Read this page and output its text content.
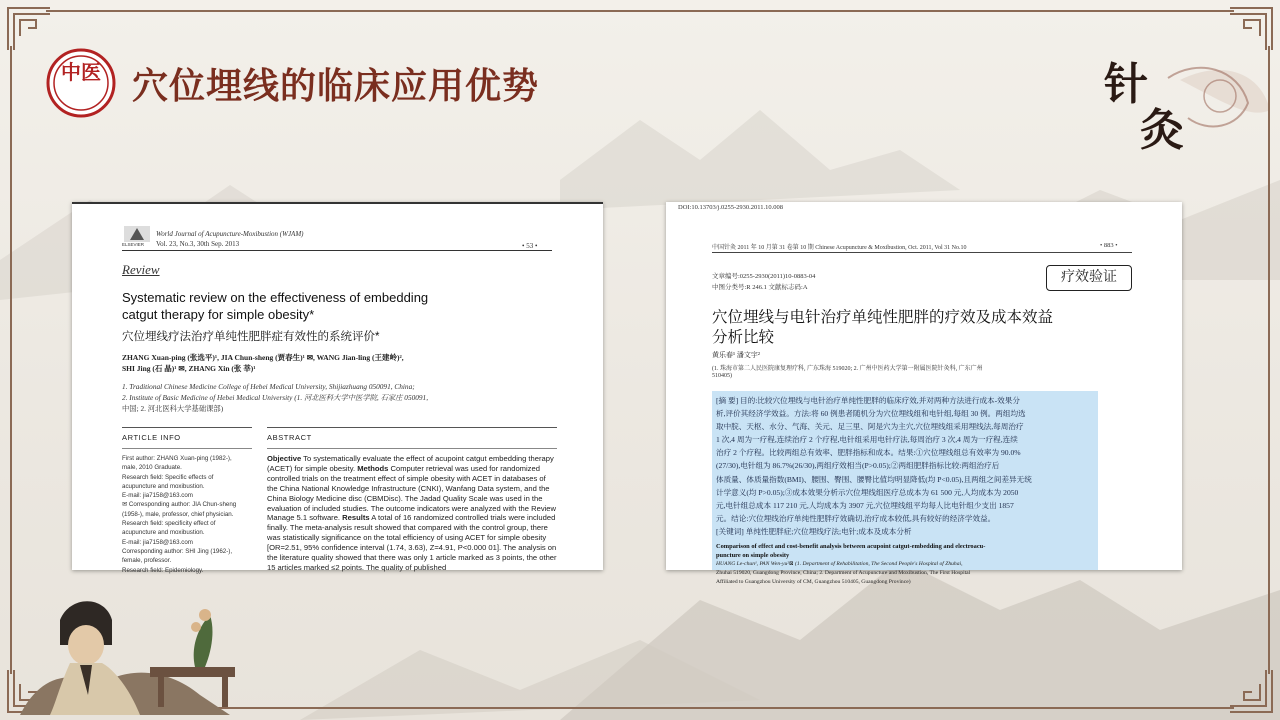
中医 穴位埋线的临床应用优势	针
灸
ELSEVIER
World Journal of Acupuncture-Moxibustion (WJAM)
Vol. 23, No.3, 30th Sep. 2013	• 53 •
Review
Systematic review on the effectiveness of embedding
catgut therapy for simple obesity*
穴位埋线疗法治疗单纯性肥胖症有效性的系统评价*
ZHANG Xuan-ping (张选平)¹, JIA Chun-sheng (贾春生)¹ ✉, WANG Jian-ling (王建岭)²,
SHI Jing (石 晶)¹ ✉, ZHANG Xin (张 莘)¹
1. Traditional Chinese Medicine College of Hebei Medical University, Shijiazhuang 050091, China;
2. Institute of Basic Medicine of Hebei Medical University (1. 河北医科大学中医学院, 石家庄 050091,
中国; 2. 河北医科大学基础课部)
ARTICLE INFO	ABSTRACT
First author: ZHANG Xuan-ping (1982-),
male, 2010 Graduate.
Research field: Specific effects of
acupuncture and moxibustion.
E-mail: jia7158@163.com
✉ Corresponding author: JIA Chun-sheng
(1958-), male, professor, chief physician.
Research field: specificity effect of
acupuncture and moxibustion.
E-mail: jia7158@163.com
Corresponding author: SHI Jing (1962-),
female, professor.
Research field: Epidemiology.
Objective To systematically evaluate the effect of acupoint catgut embedding therapy (ACET) for simple obesity. Methods Computer retrieval was used for randomized controlled trials on the treatment effect of simple obesity with ACET in databases of the China National Knowledge Infrastructure (CNKI), Wanfang Data system, and the China Biology Medicine disc (CBMDisc). The Jadad Quality Scale was used in the evaluation of included studies. The outcome indicators were analyzed with the Review Manage 5.1 software. Results A total of 16 randomized controlled trials were included finally. The meta-analysis result showed that compared with the control group, there was statistically significance on the total efficiency of using ACET for simple obesity [OR=2.51, 95% confidence interval (1.74, 3.63), Z=4.91, P<0.000 01]. The analysis on the literature quality showed that there was only 1 article marked as 3 points, the other 15 articles marked ≤2 points. The quality of published
DOI:10.13703/j.0255-2930.2011.10.008
中国针灸 2011 年 10 月第 31 卷第 10 期 Chinese Acupuncture & Moxibustion, Oct. 2011, Vol 31 No.10	• 883 •
文章编号:0255-2930(2011)10-0883-04
中图分类号:R 246.1 文献标志码:A
疗效验证
穴位埋线与电针治疗单纯性肥胖的疗效及成本效益
分析比较
黄乐春¹ 潘文宇²
(1. 珠海市第二人民医院康复理疗科, 广东珠海 519020; 2. 广州中医药大学第一附属医院针灸科, 广东广州
510405)
[摘 要] 目的:比较穴位埋线与电针治疗单纯性肥胖的临床疗效,并对两种方法进行成本-效果分
析,评价其经济学效益。方法:将 60 例患者随机分为穴位埋线组和电针组,每组 30 例。两组均选
取中脘、天枢、水分、气海、关元、足三里、阿是穴为主穴,穴位埋线组采用埋线法,每周治疗
1 次,4 周为一疗程,连续治疗 2 个疗程,电针组采用电针疗法,每周治疗 3 次,4 周为一疗程,连续
治疗 2 个疗程。比较两组总有效率、肥胖指标和成本。结果:①穴位埋线组总有效率为 90.0%
(27/30),电针组为 86.7%(26/30),两组疗效相当(P>0.05);②两组肥胖指标比较:两组治疗后
体质量、体质量指数(BMI)、腰围、臀围、腰臀比值均明显降低(均 P<0.05),且两组之间差异无统
计学意义(均 P>0.05);③成本效果分析示穴位埋线组医疗总成本为 61 500 元,人均成本为 2050
元,电针组总成本 117 210 元,人均成本为 3907 元,穴位埋线组平均每人比电针组少支出 1857
元。结论:穴位埋线治疗单纯性肥胖疗效确切,治疗成本较低,具有较好的经济学效益。
[关键词] 单纯性肥胖症;穴位埋线疗法;电针;成本及成本分析
Comparison of effect and cost-benefit analysis between acupoint catgut-embedding and electroacu-
puncture on simple obesity
HUANG Le-chun¹, PAN Wen-yu²⊠ (1. Department of Rehabilitation, The Second People's Hospital of Zhuhai,
Zhuhai 519020, Guangdong Province, China; 2. Department of Acupuncture and Moxibustion, The First Hospital
Affiliated to Guangzhou University of CM, Guangzhou 510405, Guangdong Province)
